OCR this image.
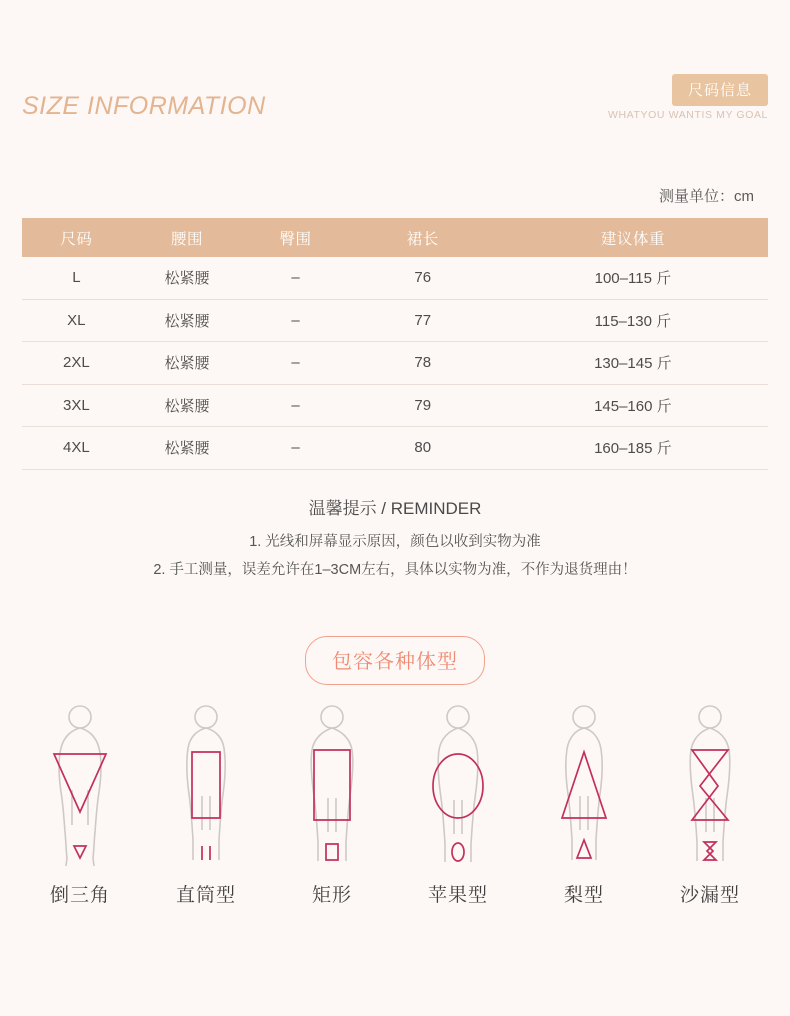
SIZE INFORMATION
尺码信息
WHATYOU WANTIS MY GOAL
测量单位：cm
尺码	腰围	臀围	裙长	建议体重
L	松紧腰	–	76	100–115 斤
XL	松紧腰	–	77	115–130 斤
2XL	松紧腰	–	78	130–145 斤
3XL	松紧腰	–	79	145–160 斤
4XL	松紧腰	–	80	160–185 斤
温馨提示 / REMINDER
1. 光线和屏幕显示原因，颜色以收到实物为准
2. 手工测量，误差允许在1–3CM左右，具体以实物为准，不作为退货理由！
包容各种体型
倒三角	直筒型	矩形	苹果型	梨型	沙漏型
